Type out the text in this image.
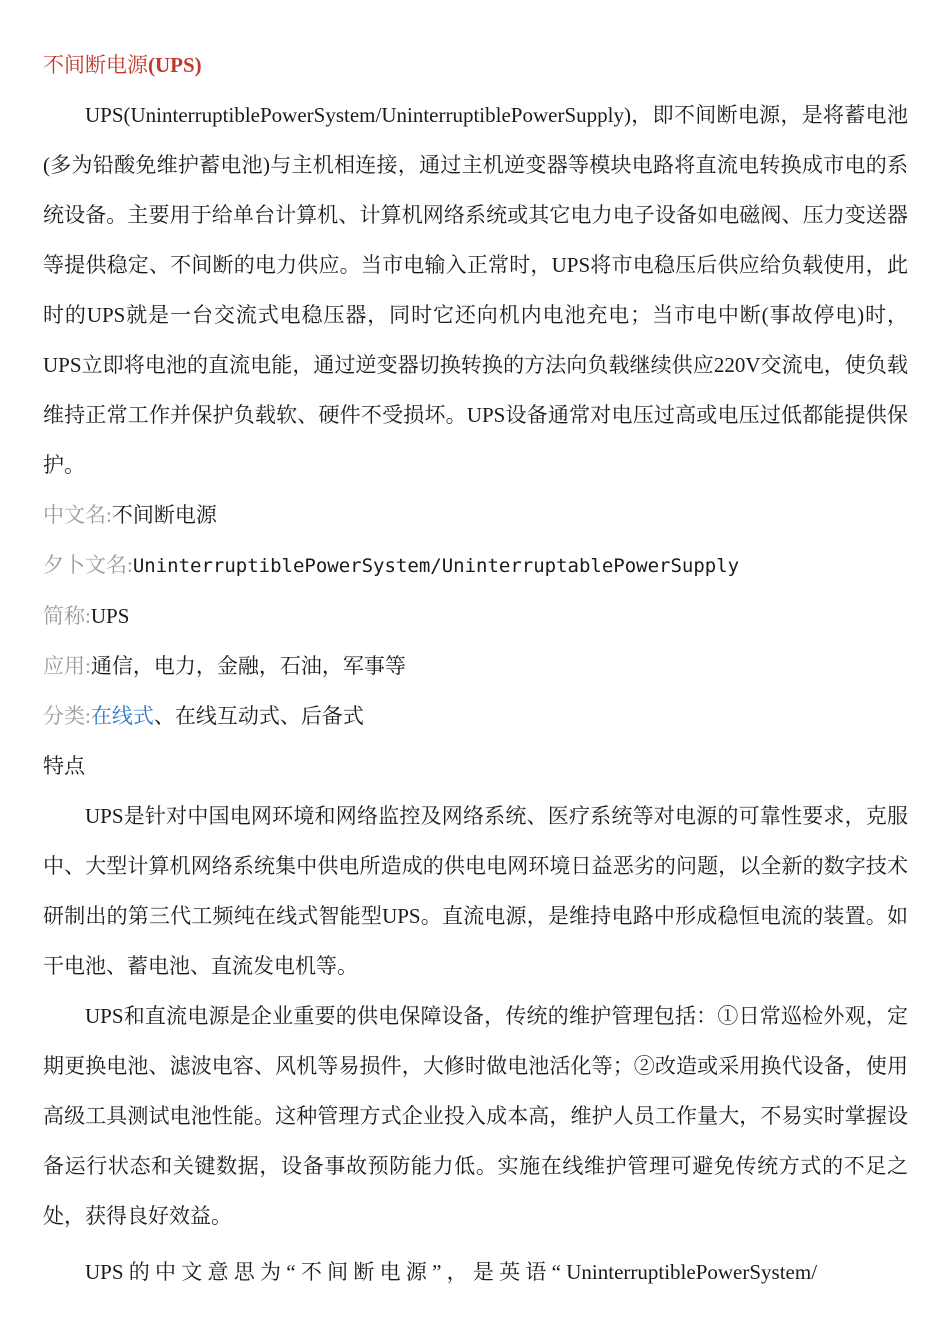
不间断电源(UPS)

UPS(UninterruptiblePowerSystem/UninterruptiblePowerSupply)，即不间断电源，是将蓄电池(多为铅酸免维护蓄电池)与主机相连接，通过主机逆变器等模块电路将直流电转换成市电的系统设备。主要用于给单台计算机、计算机网络系统或其它电力电子设备如电磁阀、压力变送器等提供稳定、不间断的电力供应。当市电输入正常时，UPS将市电稳压后供应给负载使用，此时的UPS就是一台交流式电稳压器，同时它还向机内电池充电；当市电中断(事故停电)时，UPS立即将电池的直流电能，通过逆变器切换转换的方法向负载继续供应220V交流电，使负载维持正常工作并保护负载软、硬件不受损坏。UPS设备通常对电压过高或电压过低都能提供保护。

中文名:不间断电源

夕卜文名:UninterruptiblePowerSystem/UninterruptablePowerSupply

简称:UPS

应用:通信，电力，金融，石油，军事等

分类:在线式、在线互动式、后备式

特点

UPS是针对中国电网环境和网络监控及网络系统、医疗系统等对电源的可靠性要求，克服中、大型计算机网络系统集中供电所造成的供电电网环境日益恶劣的问题，以全新的数字技术研制出的第三代工频纯在线式智能型UPS。直流电源，是维持电路中形成稳恒电流的装置。如干电池、蓄电池、直流发电机等。

UPS和直流电源是企业重要的供电保障设备，传统的维护管理包括：①日常巡检外观，定期更换电池、滤波电容、风机等易损件，大修时做电池活化等；②改造或采用换代设备，使用高级工具测试电池性能。这种管理方式企业投入成本高，维护人员工作量大，不易实时掌握设备运行状态和关键数据，设备事故预防能力低。实施在线维护管理可避免传统方式的不足之处，获得良好效益。

UPS 的 中 文 意 思 为 “ 不 间 断 电 源 ” ， 是 英 语 “ UninterruptiblePowerSystem/
